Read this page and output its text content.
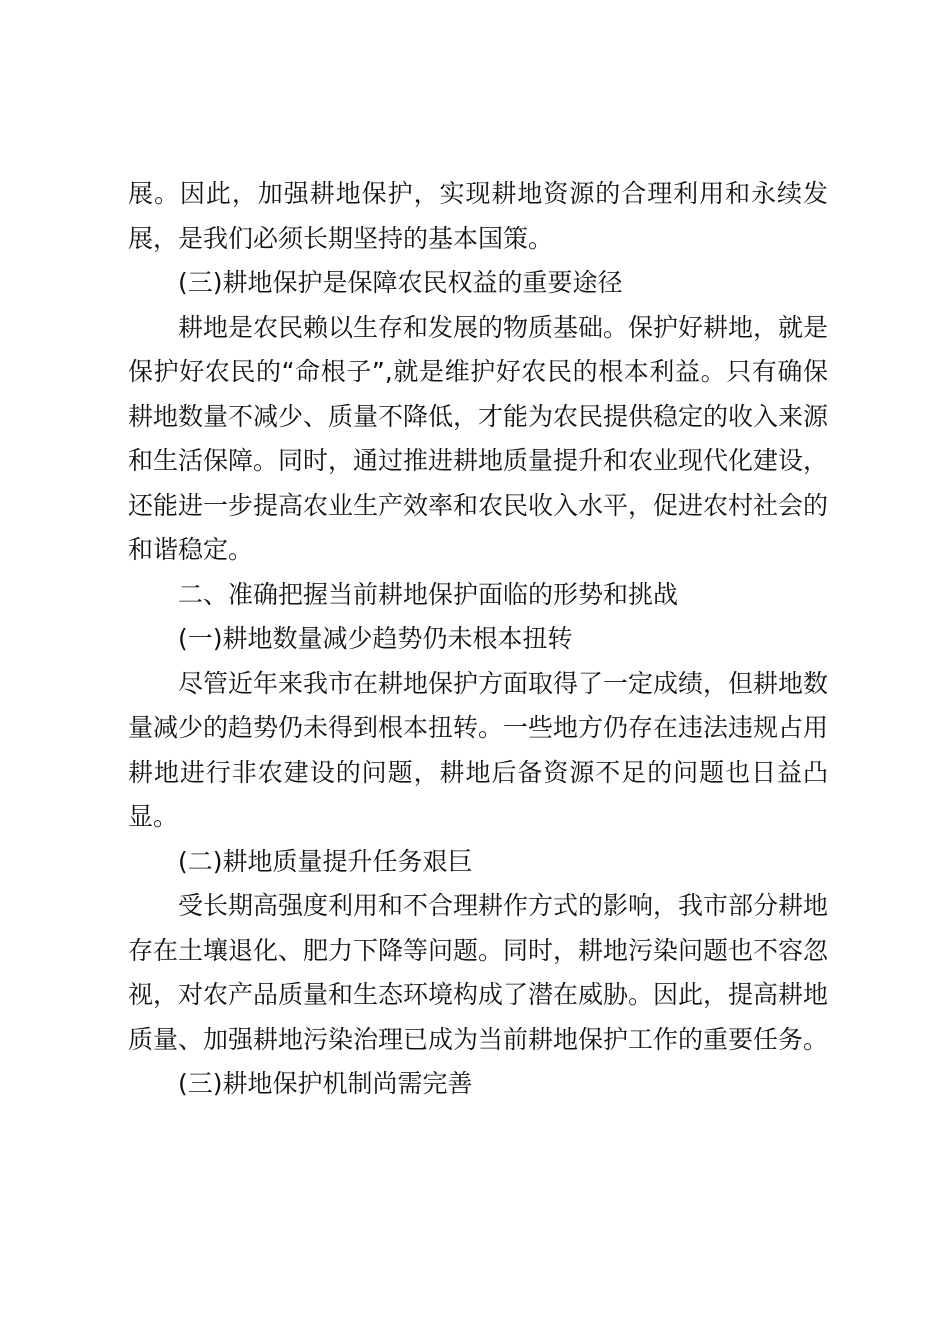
展。因此，加强耕地保护，实现耕地资源的合理利用和永续发展，是我们必须长期坚持的基本国策。

(三)耕地保护是保障农民权益的重要途径

耕地是农民赖以生存和发展的物质基础。保护好耕地，就是保护好农民的“命根子”,就是维护好农民的根本利益。只有确保耕地数量不减少、质量不降低，才能为农民提供稳定的收入来源和生活保障。同时，通过推进耕地质量提升和农业现代化建设，还能进一步提高农业生产效率和农民收入水平，促进农村社会的和谐稳定。

二、准确把握当前耕地保护面临的形势和挑战

(一)耕地数量减少趋势仍未根本扭转

尽管近年来我市在耕地保护方面取得了一定成绩，但耕地数量减少的趋势仍未得到根本扭转。一些地方仍存在违法违规占用耕地进行非农建设的问题，耕地后备资源不足的问题也日益凸显。

(二)耕地质量提升任务艰巨

受长期高强度利用和不合理耕作方式的影响，我市部分耕地存在土壤退化、肥力下降等问题。同时，耕地污染问题也不容忽视，对农产品质量和生态环境构成了潜在威胁。因此，提高耕地质量、加强耕地污染治理已成为当前耕地保护工作的重要任务。

(三)耕地保护机制尚需完善
